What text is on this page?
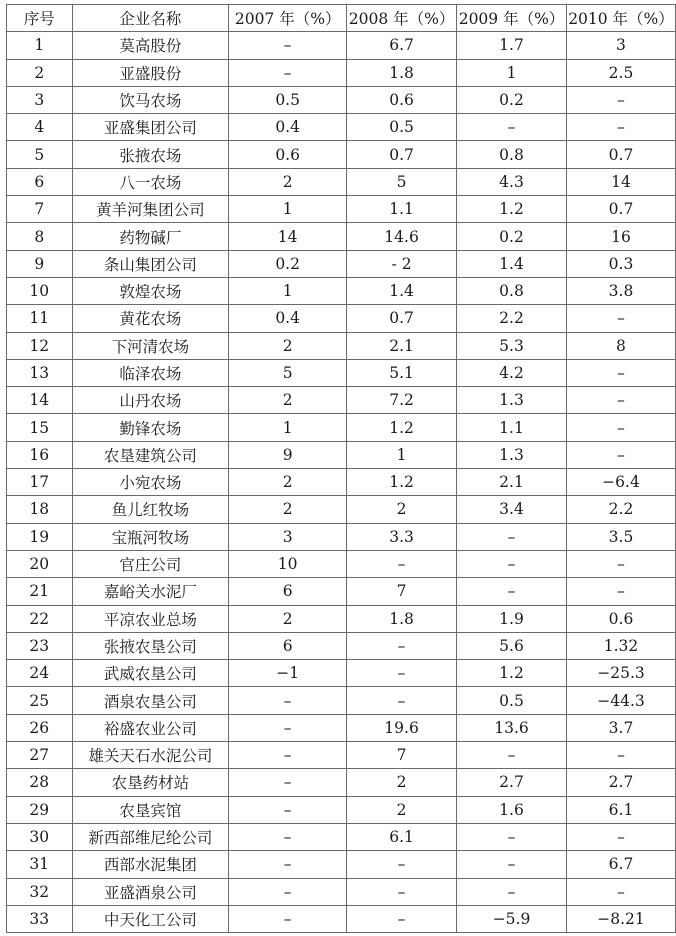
序号	企业名称	2007 年（%）	2008 年（%）	2009 年（%）	2010 年（%）
1	莫高股份	–	6.7	1.7	3
2	亚盛股份	–	1.8	1	2.5
3	饮马农场	0.5	0.6	0.2	–
4	亚盛集团公司	0.4	0.5	–	–
5	张掖农场	0.6	0.7	0.8	0.7
6	八一农场	2	5	4.3	14
7	黄羊河集团公司	1	1.1	1.2	0.7
8	药物碱厂	14	14.6	0.2	16
9	条山集团公司	0.2	- 2	1.4	0.3
10	敦煌农场	1	1.4	0.8	3.8
11	黄花农场	0.4	0.7	2.2	–
12	下河清农场	2	2.1	5.3	8
13	临泽农场	5	5.1	4.2	–
14	山丹农场	2	7.2	1.3	–
15	勤锋农场	1	1.2	1.1	–
16	农垦建筑公司	9	1	1.3	–
17	小宛农场	2	1.2	2.1	−6.4
18	鱼儿红牧场	2	2	3.4	2.2
19	宝瓶河牧场	3	3.3	–	3.5
20	官庄公司	10	–	–	–
21	嘉峪关水泥厂	6	7	–	–
22	平凉农业总场	2	1.8	1.9	0.6
23	张掖农垦公司	6	–	5.6	1.32
24	武威农垦公司	−1	–	1.2	−25.3
25	酒泉农垦公司	–	–	0.5	−44.3
26	裕盛农业公司	–	19.6	13.6	3.7
27	雄关天石水泥公司	–	7	–	–
28	农垦药材站	–	2	2.7	2.7
29	农垦宾馆	–	2	1.6	6.1
30	新西部维尼纶公司	–	6.1	–	–
31	西部水泥集团	–	–	–	6.7
32	亚盛酒泉公司	–	–	–	–
33	中天化工公司	–	–	−5.9	−8.21
